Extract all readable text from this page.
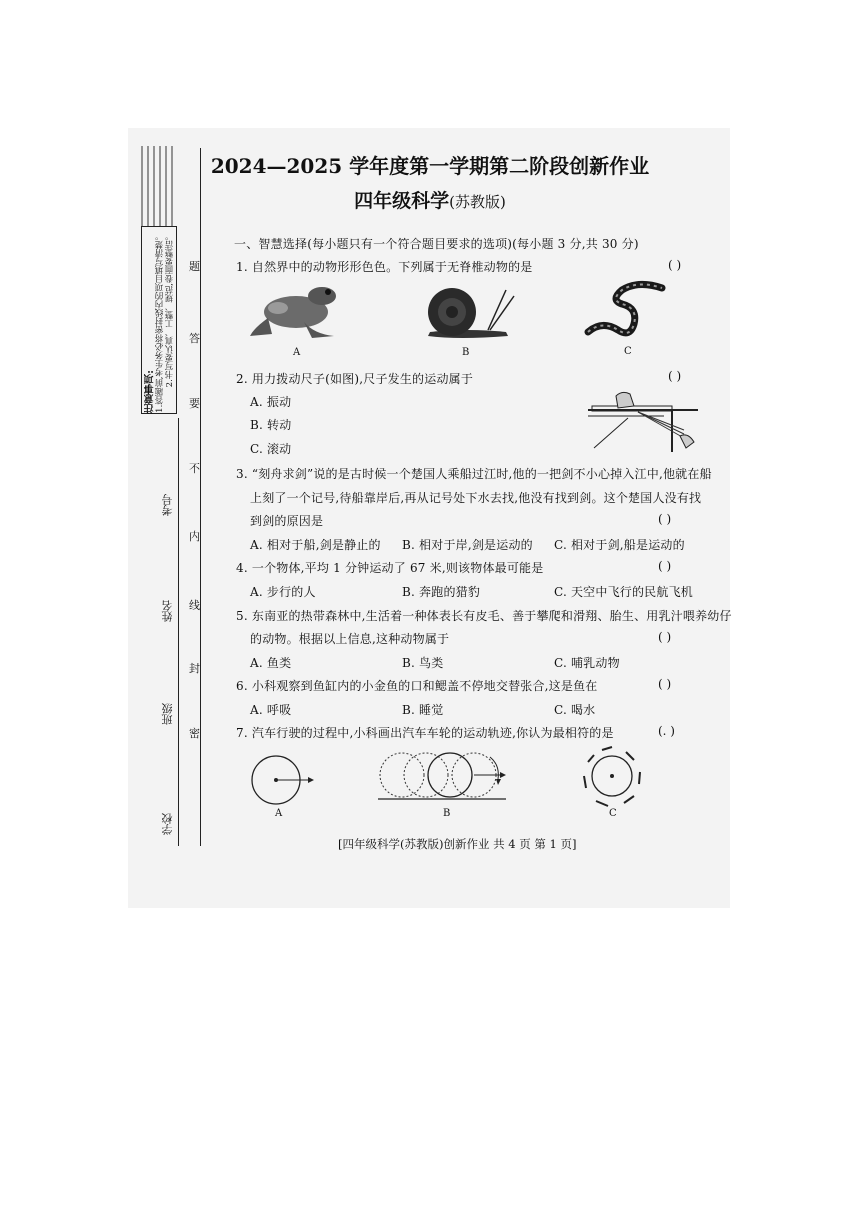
注意事项: 1.答题前,考生务必将密封线内的项目填写清楚。 2.书写要认真、工整、规范,卷面要整洁。 题
答
要
不
内
线
封
密
考号
姓名
班级
学校
2024—2025 学年度第一学期第二阶段创新作业
四年级科学(苏教版)
一、智慧选择(每小题只有一个符合题目要求的选项)(每小题 3 分,共 30 分)
1. 自然界中的动物形形色色。下列属于无脊椎动物的是	( )
A	B	C
2. 用力拨动尺子(如图),尺子发生的运动属于	( )
A. 振动
B. 转动
C. 滚动
3. “刻舟求剑”说的是古时候一个楚国人乘船过江时,他的一把剑不小心掉入江中,他就在船
上刻了一个记号,待船靠岸后,再从记号处下水去找,他没有找到剑。这个楚国人没有找
到剑的原因是	( )
A. 相对于船,剑是静止的 B. 相对于岸,剑是运动的 C. 相对于剑,船是运动的
4. 一个物体,平均 1 分钟运动了 67 米,则该物体最可能是	( )
A. 步行的人	B. 奔跑的猎豹	C. 天空中飞行的民航飞机
5. 东南亚的热带森林中,生活着一种体表长有皮毛、善于攀爬和滑翔、胎生、用乳汁喂养幼仔
的动物。根据以上信息,这种动物属于	( )
A. 鱼类	B. 鸟类	C. 哺乳动物
6. 小科观察到鱼缸内的小金鱼的口和鳃盖不停地交替张合,这是鱼在	( )
A. 呼吸	B. 睡觉	C. 喝水
7. 汽车行驶的过程中,小科画出汽车车轮的运动轨迹,你认为最相符的是	(. )
A	B	C
[四年级科学(苏教版)创新作业 共 4 页 第 1 页]
